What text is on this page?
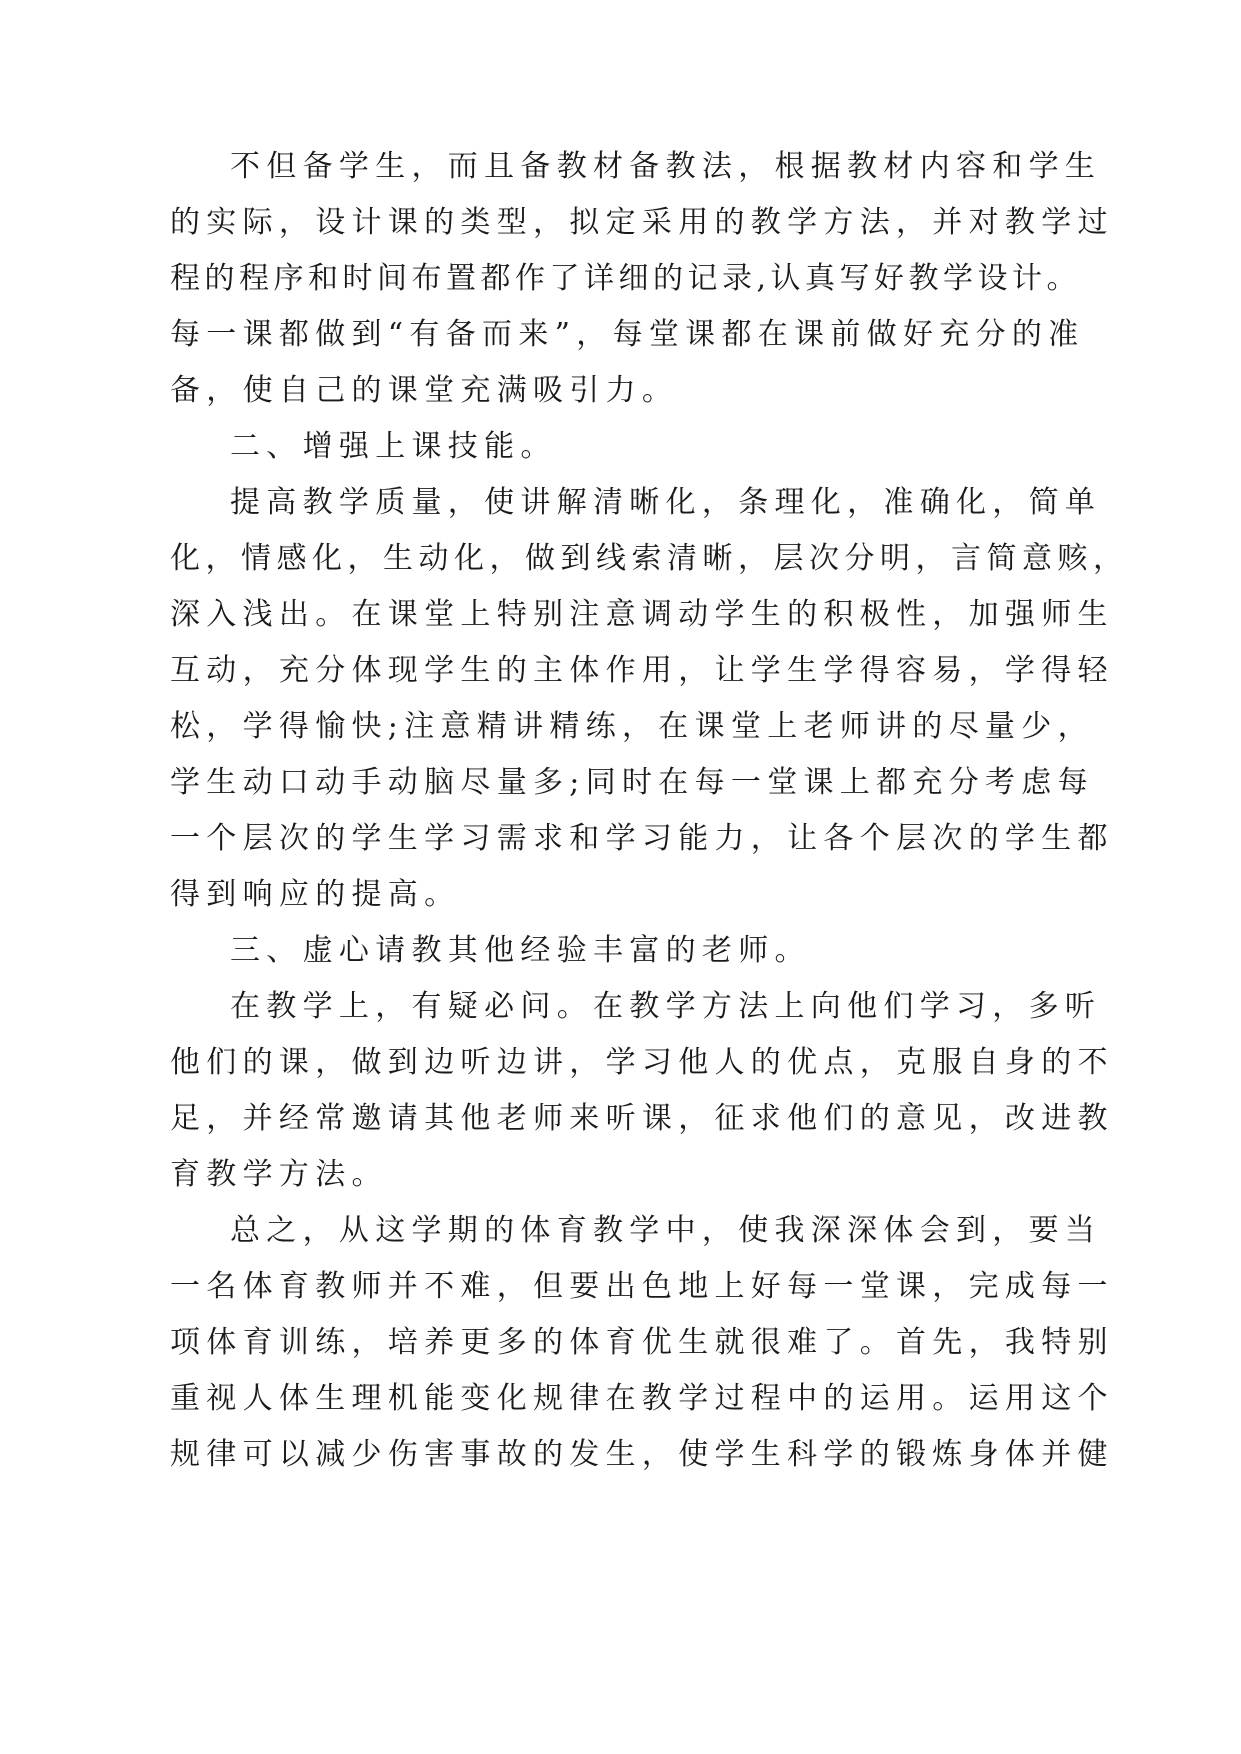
不但备学生，而且备教材备教法，根据教材内容和学生
的实际，设计课的类型，拟定采用的教学方法，并对教学过
程的程序和时间布置都作了详细的记录,认真写好教学设计。
每一课都做到“有备而来”，每堂课都在课前做好充分的准
备，使自己的课堂充满吸引力。
二、增强上课技能。
提高教学质量，使讲解清晰化，条理化，准确化，简单
化，情感化，生动化，做到线索清晰，层次分明，言简意赅，
深入浅出。在课堂上特别注意调动学生的积极性，加强师生
互动，充分体现学生的主体作用，让学生学得容易，学得轻
松，学得愉快;注意精讲精练，在课堂上老师讲的尽量少，
学生动口动手动脑尽量多;同时在每一堂课上都充分考虑每
一个层次的学生学习需求和学习能力，让各个层次的学生都
得到响应的提高。
三、虚心请教其他经验丰富的老师。
在教学上，有疑必问。在教学方法上向他们学习，多听
他们的课，做到边听边讲，学习他人的优点，克服自身的不
足，并经常邀请其他老师来听课，征求他们的意见，改进教
育教学方法。
总之，从这学期的体育教学中，使我深深体会到，要当
一名体育教师并不难，但要出色地上好每一堂课，完成每一
项体育训练，培养更多的体育优生就很难了。首先，我特别
重视人体生理机能变化规律在教学过程中的运用。运用这个
规律可以减少伤害事故的发生，使学生科学的锻炼身体并健
